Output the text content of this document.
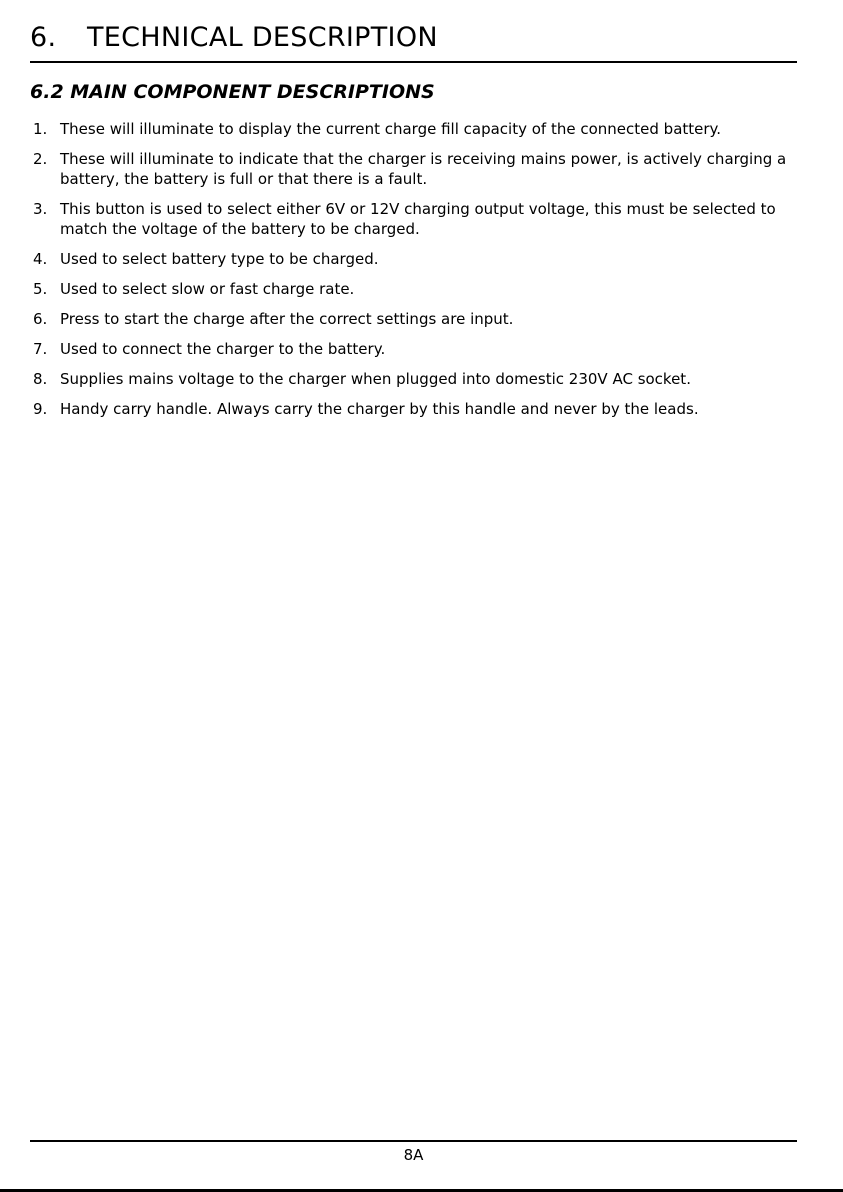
6. TECHNICAL DESCRIPTION
6.2 MAIN COMPONENT DESCRIPTIONS
1. These will illuminate to display the current charge fill capacity of the connected battery.
2. These will illuminate to indicate that the charger is receiving mains power, is actively charging a battery, the battery is full or that there is a fault.
3. This button is used to select either 6V or 12V charging output voltage, this must be selected to match the voltage of the battery to be charged.
4. Used to select battery type to be charged.
5. Used to select slow or fast charge rate.
6. Press to start the charge after the correct settings are input.
7. Used to connect the charger to the battery.
8. Supplies mains voltage to the charger when plugged into domestic 230V AC socket.
9. Handy carry handle. Always carry the charger by this handle and never by the leads.
8A
